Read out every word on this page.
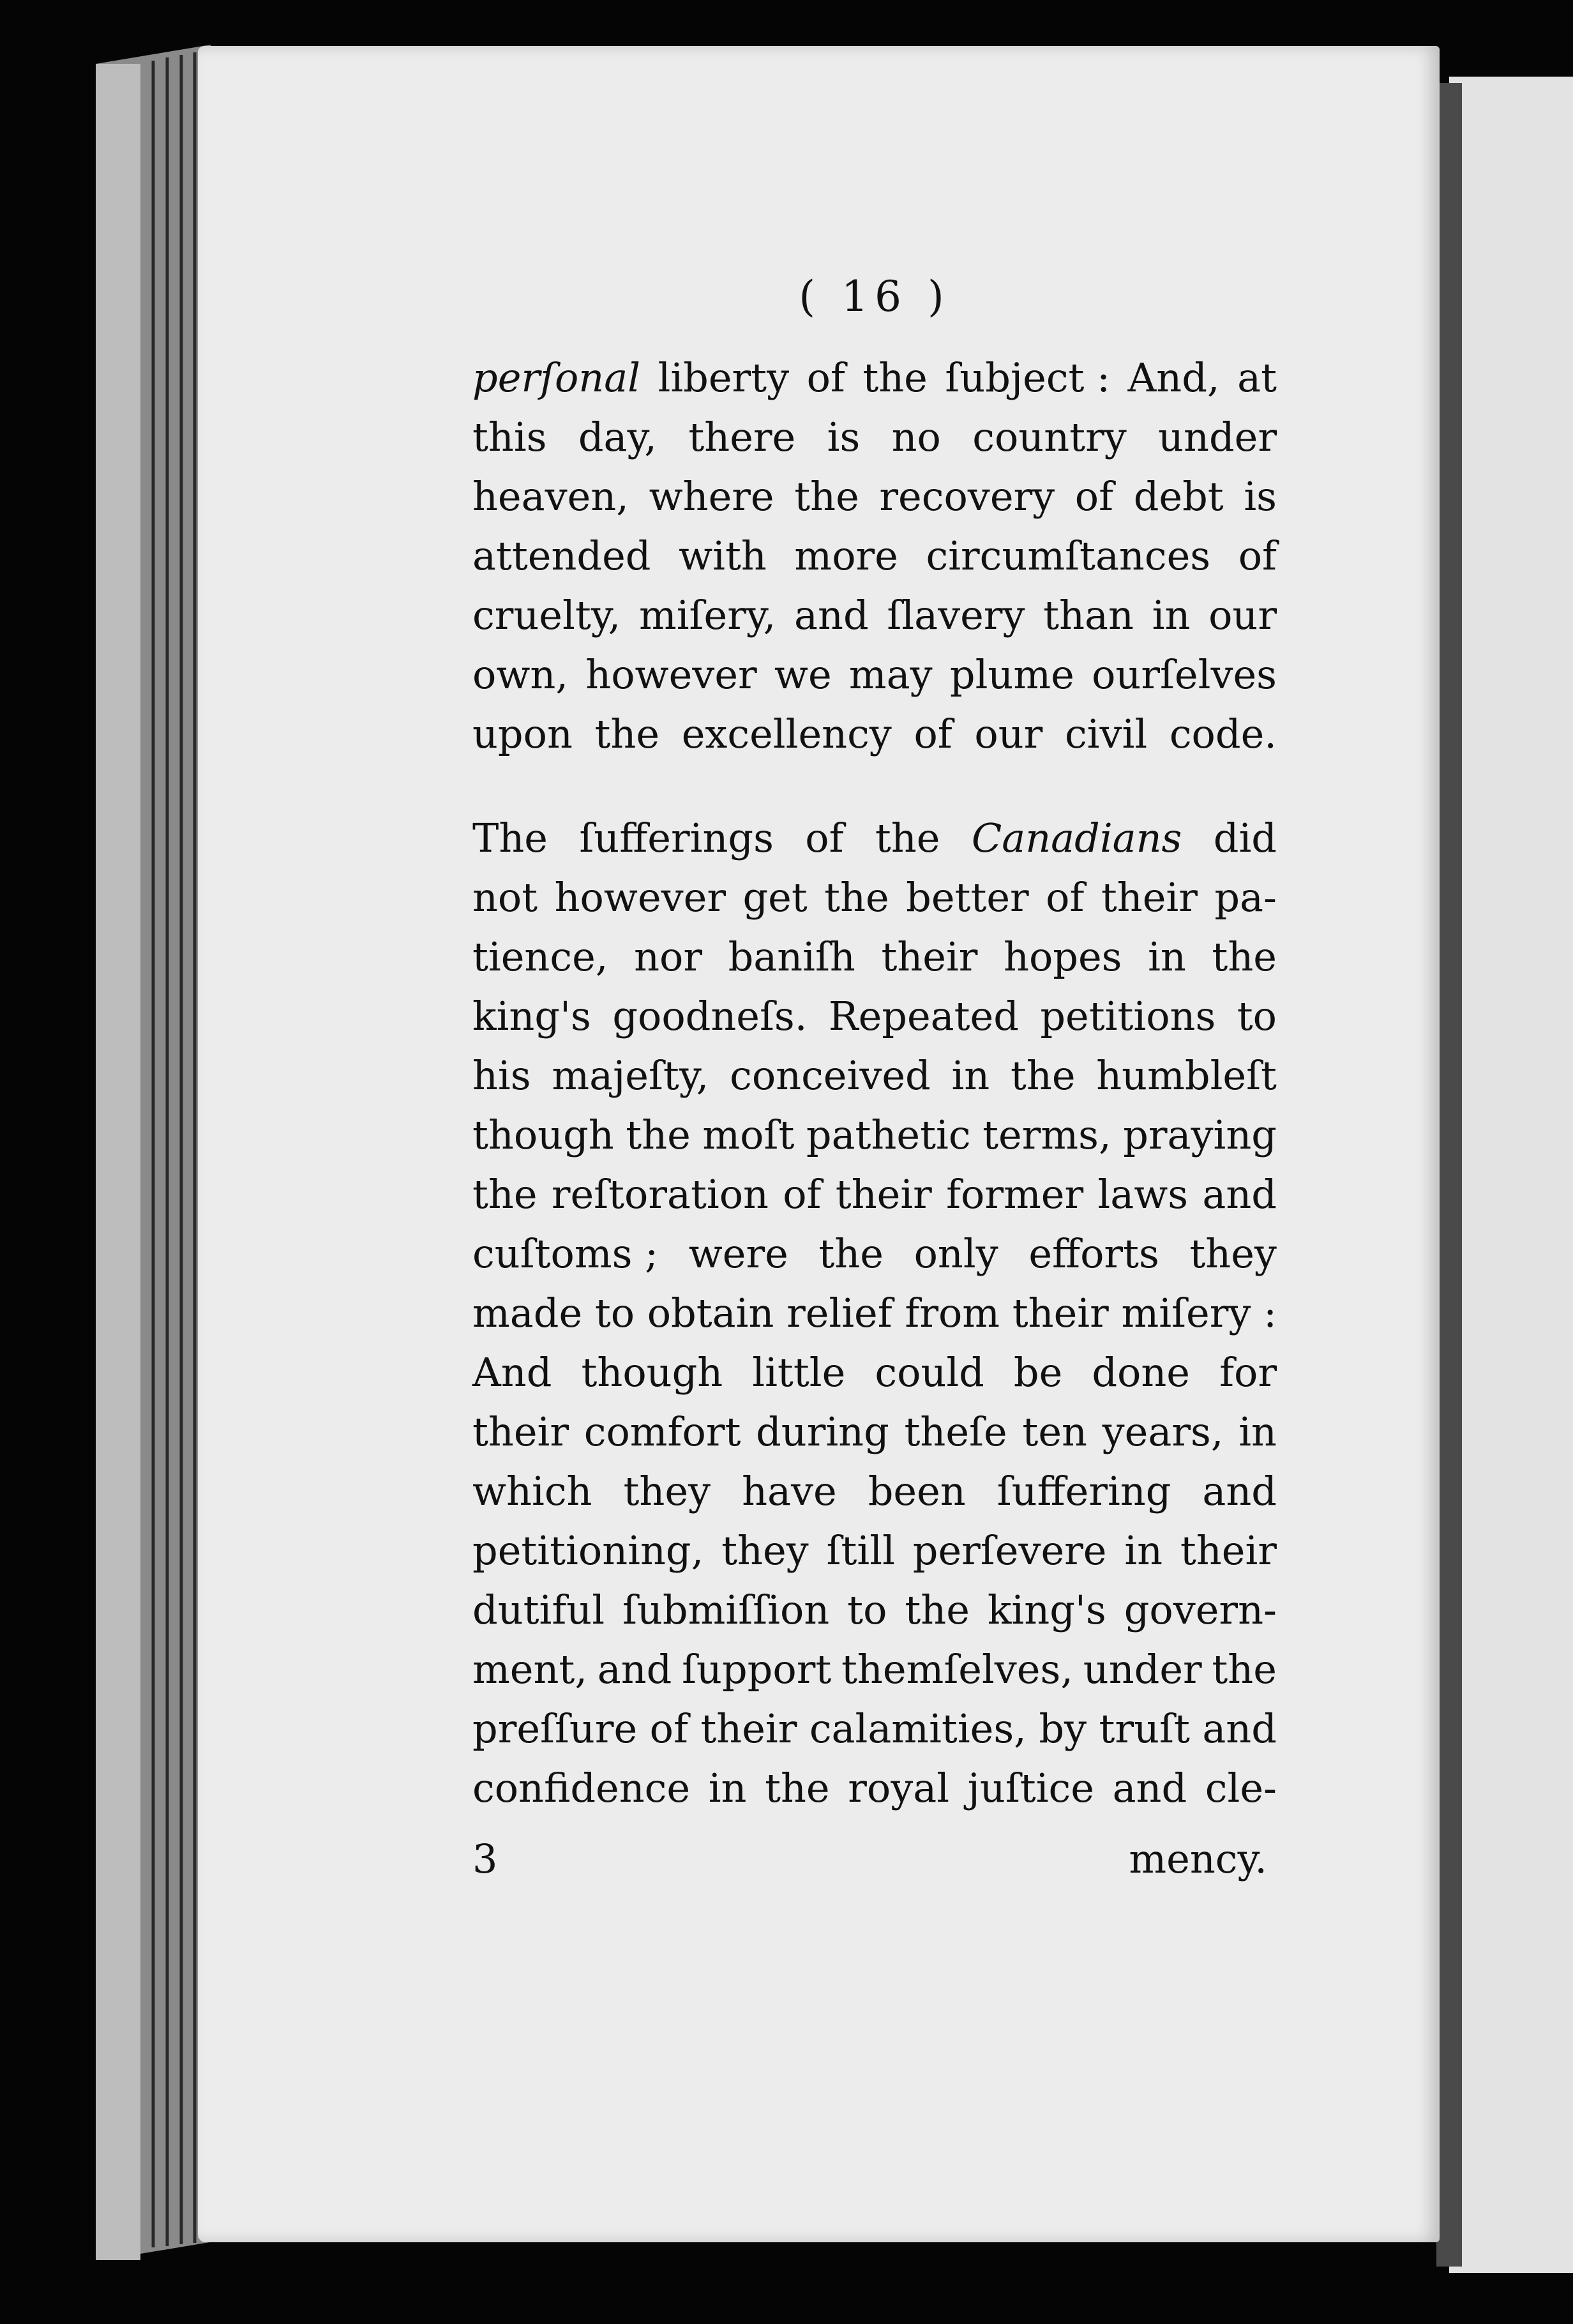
( 16 )
perſonal liberty of the ſubject : And, at
this day, there is no country under
heaven, where the recovery of debt is
attended with more circumſtances of
cruelty, miſery, and ſlavery than in our
own, however we may plume ourſelves
upon the excellency of our civil code.
The ſufferings of the Canadians did
not however get the better of their pa-
tience, nor baniſh their hopes in the
king's goodneſs. Repeated petitions to
his majeſty, conceived in the humbleſt
though the moſt pathetic terms, praying
the reſtoration of their former laws and
cuſtoms ; were the only efforts they
made to obtain relief from their miſery :
And though little could be done for
their comfort during theſe ten years, in
which they have been ſuffering and
petitioning, they ſtill perſevere in their
dutiful ſubmiſſion to the king's govern-
ment, and ſupport themſelves, under the
preſſure of their calamities, by truſt and
confidence in the royal juſtice and cle-
3	mency.
